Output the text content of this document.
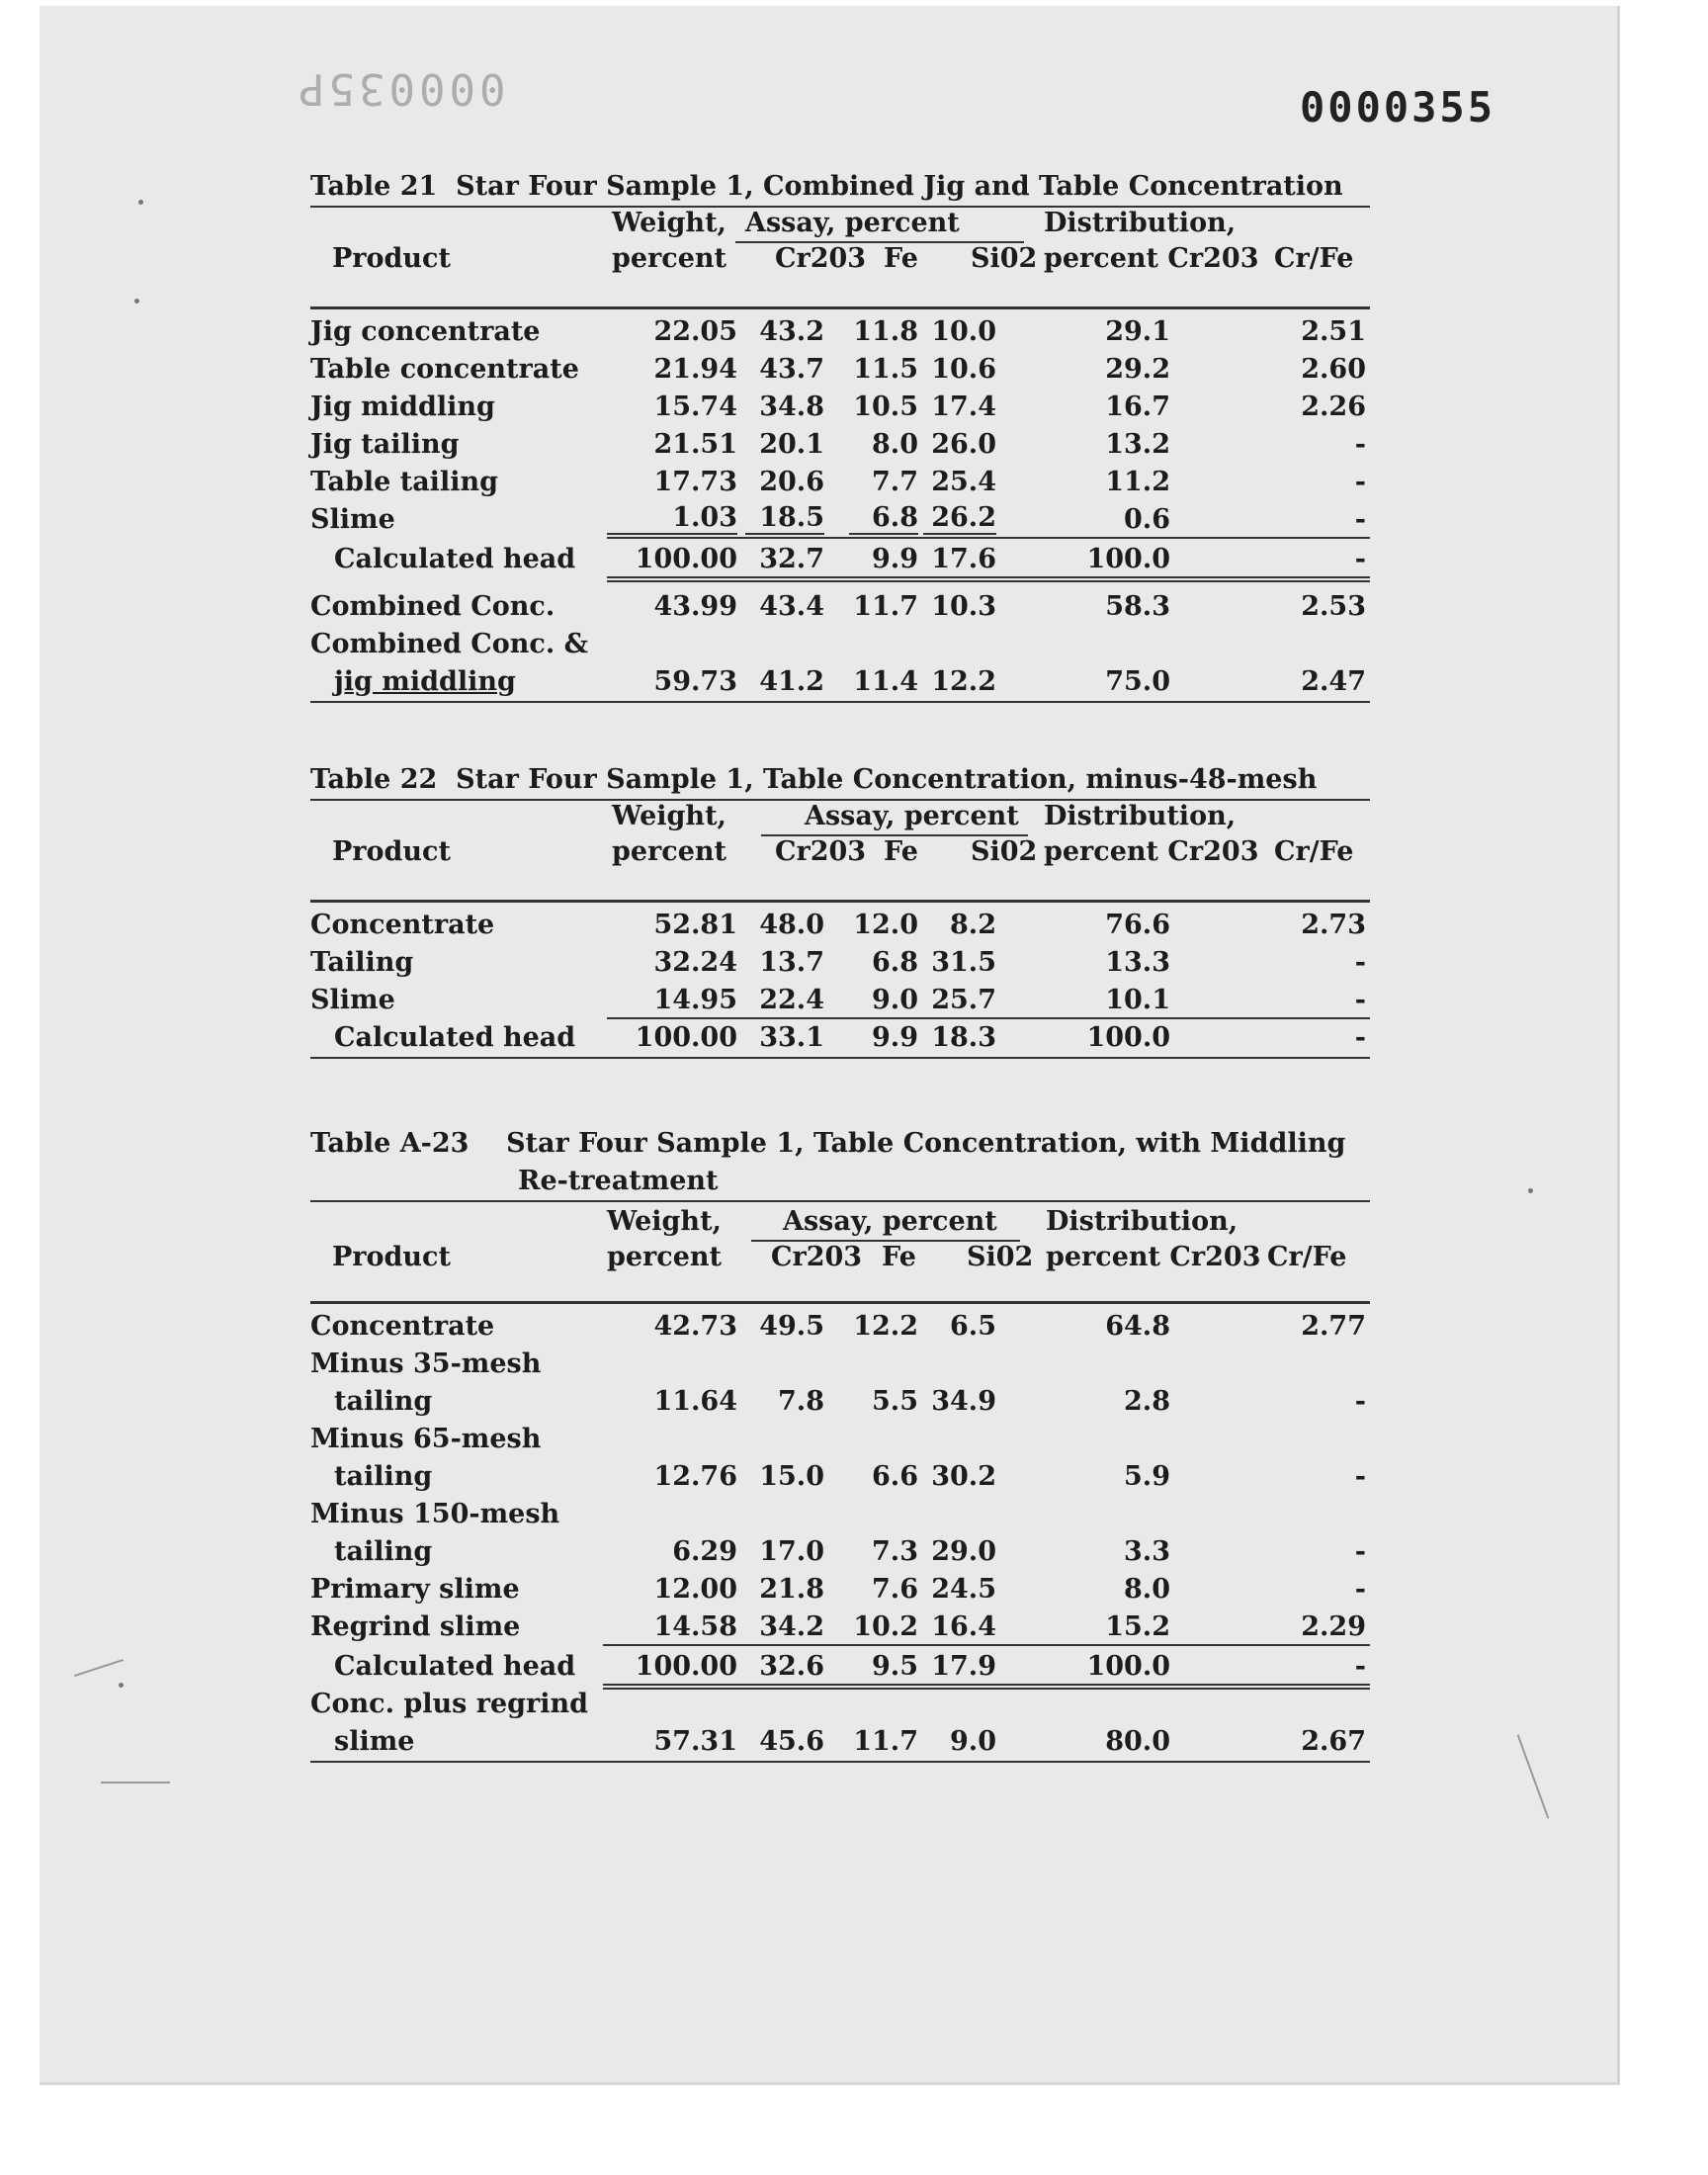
000035P	0000355
Table 21 Star Four Sample 1, Combined Jig and Table Concentration
Product
Weight,
percent
Assay, percent
Cr203 Fe Si02
Distribution,
percent Cr203 Cr/Fe
Jig concentrate	22.05 43.2 11.8 10.0	29.1	2.51
Table concentrate	21.94 43.7 11.5 10.6	29.2	2.60
Jig middling	15.74 34.8 10.5 17.4	16.7	2.26
Jig tailing	21.51 20.1	8.0 26.0	13.2	-
Table tailing	17.73 20.6	7.7 25.4	11.2	-
Slime	1.03 18.5	6.8 26.2	0.6	-
Calculated head	100.00 32.7	9.9 17.6	100.0	-
Combined Conc.	43.99 43.4 11.7 10.3	58.3	2.53
Combined Conc. &
jig middling	59.73 41.2 11.4 12.2	75.0	2.47
Table 22 Star Four Sample 1, Table Concentration, minus-48-mesh
Product
Weight,
percent
Assay, percent
Cr203 Fe Si02
Distribution,
percent Cr203 Cr/Fe
Concentrate	52.81 48.0 12.0	8.2	76.6	2.73
Tailing	32.24 13.7	6.8 31.5	13.3	-
Slime	14.95 22.4	9.0 25.7	10.1	-
Calculated head	100.00 33.1	9.9 18.3	100.0	-
Table A-23 Star Four Sample 1, Table Concentration, with Middling
Re-treatment
Product
Weight,
percent
Assay, percent
Cr203 Fe Si02
Distribution,
percent Cr203 Cr/Fe
Concentrate	42.73 49.5 12.2	6.5	64.8	2.77
Minus 35-mesh
tailing	11.64	7.8	5.5 34.9	2.8	-
Minus 65-mesh
tailing	12.76 15.0	6.6 30.2	5.9	-
Minus 150-mesh
tailing	6.29 17.0	7.3 29.0	3.3	-
Primary slime	12.00 21.8	7.6 24.5	8.0	-
Regrind slime	14.58 34.2 10.2 16.4	15.2	2.29
Calculated head	100.00 32.6	9.5 17.9	100.0	-
Conc. plus regrind
slime	57.31 45.6 11.7	9.0	80.0	2.67
